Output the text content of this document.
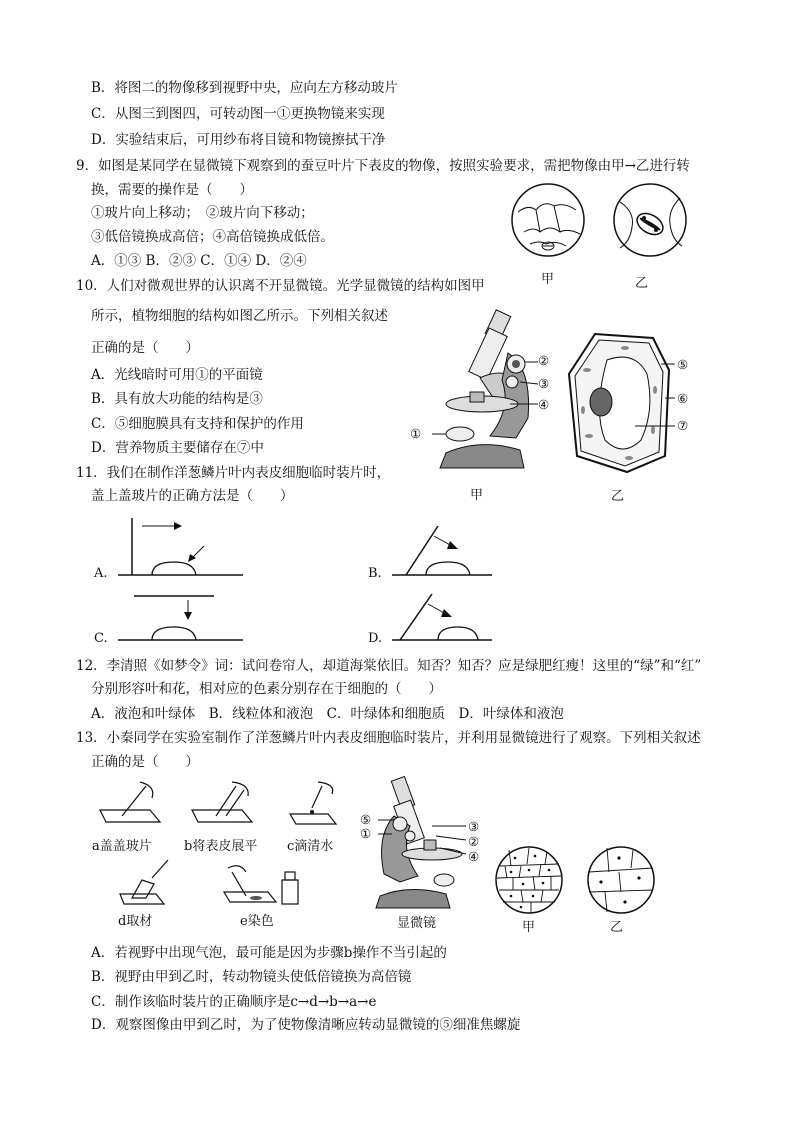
B．将图二的物像移到视野中央，应向左方移动玻片
C．从图三到图四，可转动图一①更换物镜来实现
D．实验结束后，可用纱布将目镜和物镜擦拭干净
9．如图是某同学在显微镜下观察到的蚕豆叶片下表皮的物像，按照实验要求，需把物像由甲→乙进行转
换，需要的操作是（　　）
①玻片向上移动；　②玻片向下移动；
③低倍镜换成高倍；④高倍镜换成低倍。
A．①③ B．②③ C．①④ D．②④
甲	乙
10．人们对微观世界的认识离不开显微镜。光学显微镜的结构如图甲
所示，植物细胞的结构如图乙所示。下列相关叙述
正确的是（　　）
A．光线暗时可用①的平面镜
B．具有放大功能的结构是③
C．⑤细胞膜具有支持和保护的作用
D．营养物质主要储存在⑦中
②
③
④
①
⑤
⑥
⑦
甲	乙
11．我们在制作洋葱鳞片叶内表皮细胞临时装片时，
盖上盖玻片的正确方法是（　　）
A.	B.
C.	D.
12．李清照《如梦令》词：试问卷帘人，却道海棠依旧。知否？知否？应是绿肥红瘦！这里的“绿”和“红”
分别形容叶和花，相对应的色素分别存在于细胞的（　　）
A．液泡和叶绿体　B．线粒体和液泡　C．叶绿体和细胞质　D．叶绿体和液泡
13．小秦同学在实验室制作了洋葱鳞片叶内表皮细胞临时装片，并利用显微镜进行了观察。下列相关叙述
正确的是（　　）
a盖盖玻片 b将表皮展平 c滴清水
d取材	e染色
③
②
④
⑤
①
显微镜	甲	乙
A．若视野中出现气泡，最可能是因为步骤b操作不当引起的
B．视野由甲到乙时，转动物镜头使低倍镜换为高倍镜
C．制作该临时装片的正确顺序是c→d→b→a→e
D．观察图像由甲到乙时，为了使物像清晰应转动显微镜的⑤细准焦螺旋
